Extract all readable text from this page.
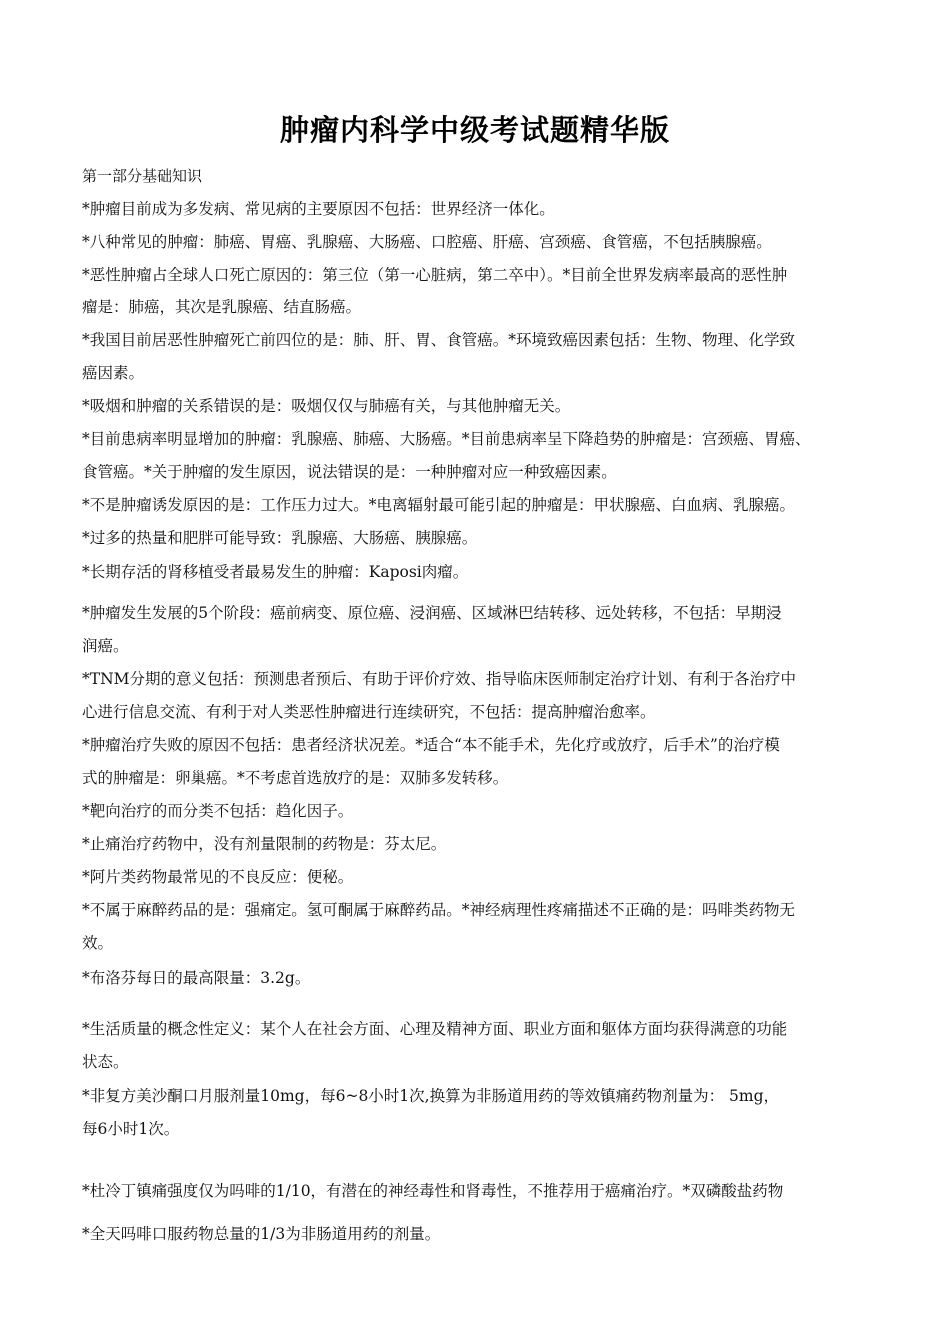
肿瘤内科学中级考试题精华版
第一部分基础知识
*肿瘤目前成为多发病、常见病的主要原因不包括：世界经济一体化。
*八种常见的肿瘤：肺癌、胃癌、乳腺癌、大肠癌、口腔癌、肝癌、宫颈癌、食管癌，不包括胰腺癌。
*恶性肿瘤占全球人口死亡原因的：第三位（第一心脏病，第二卒中）。*目前全世界发病率最高的恶性肿
瘤是：肺癌，其次是乳腺癌、结直肠癌。
*我国目前居恶性肿瘤死亡前四位的是：肺、肝、胃、食管癌。*环境致癌因素包括：生物、物理、化学致
癌因素。
*吸烟和肿瘤的关系错误的是：吸烟仅仅与肺癌有关，与其他肿瘤无关。
*目前患病率明显增加的肿瘤：乳腺癌、肺癌、大肠癌。*目前患病率呈下降趋势的肿瘤是：宫颈癌、胃癌、
食管癌。*关于肿瘤的发生原因，说法错误的是：一种肿瘤对应一种致癌因素。
*不是肿瘤诱发原因的是：工作压力过大。*电离辐射最可能引起的肿瘤是：甲状腺癌、白血病、乳腺癌。
*过多的热量和肥胖可能导致：乳腺癌、大肠癌、胰腺癌。
*长期存活的肾移植受者最易发生的肿瘤：Kaposi肉瘤。
*肿瘤发生发展的5个阶段：癌前病变、原位癌、浸润癌、区域淋巴结转移、远处转移，不包括：早期浸
润癌。
*TNM分期的意义包括：预测患者预后、有助于评价疗效、指导临床医师制定治疗计划、有利于各治疗中
心进行信息交流、有利于对人类恶性肿瘤进行连续研究，不包括：提高肿瘤治愈率。
*肿瘤治疗失败的原因不包括：患者经济状况差。*适合“本不能手术，先化疗或放疗，后手术”的治疗模
式的肿瘤是：卵巢癌。*不考虑首选放疗的是：双肺多发转移。
*靶向治疗的而分类不包括：趋化因子。
*止痛治疗药物中，没有剂量限制的药物是：芬太尼。
*阿片类药物最常见的不良反应：便秘。
*不属于麻醉药品的是：强痛定。氢可酮属于麻醉药品。*神经病理性疼痛描述不正确的是：吗啡类药物无
效。
*布洛芬每日的最高限量：3.2g。
*生活质量的概念性定义：某个人在社会方面、心理及精神方面、职业方面和躯体方面均获得满意的功能
状态。
*非复方美沙酮口月服剂量10mg，每6~8小时1次,换算为非肠道用药的等效镇痛药物剂量为： 5mg，
每6小时1次。
*杜冷丁镇痛强度仅为吗啡的1/10，有潜在的神经毒性和肾毒性，不推荐用于癌痛治疗。*双磷酸盐药物
*全天吗啡口服药物总量的1/3为非肠道用药的剂量。
